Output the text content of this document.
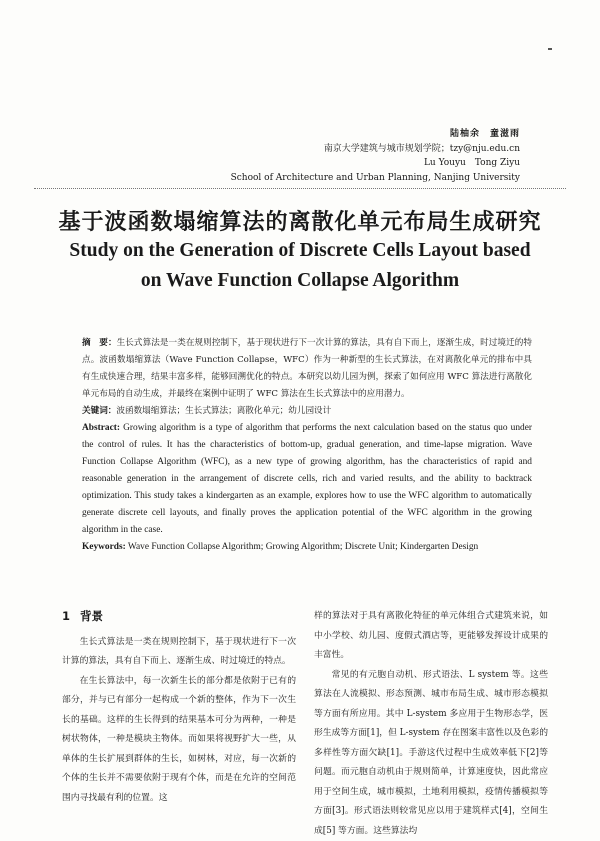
陆柚余　童滋雨
南京大学建筑与城市规划学院；tzy@nju.edu.cn
Lu Youyu　Tong Ziyu
School of Architecture and Urban Planning, Nanjing University
基于波函数塌缩算法的离散化单元布局生成研究
Study on the Generation of Discrete Cells Layout based
on Wave Function Collapse Algorithm

摘　要：生长式算法是一类在规则控制下，基于现状进行下一次计算的算法，具有自下而上，逐渐生成，时过境迁的特点。波函数塌缩算法（Wave Function Collapse，WFC）作为一种新型的生长式算法，在对离散化单元的排布中具有生成快速合理，结果丰富多样，能够回溯优化的特点。本研究以幼儿园为例，探索了如何应用 WFC 算法进行离散化单元布局的自动生成，并最终在案例中证明了 WFC 算法在生长式算法中的应用潜力。

关键词：波函数塌缩算法；生长式算法；离散化单元；幼儿园设计

Abstract: Growing algorithm is a type of algorithm that performs the next calculation based on the status quo under the control of rules. It has the characteristics of bottom-up, gradual generation, and time-lapse migration. Wave Function Collapse Algorithm (WFC), as a new type of growing algorithm, has the characteristics of rapid and reasonable generation in the arrangement of discrete cells, rich and varied results, and the ability to backtrack optimization. This study takes a kindergarten as an example, explores how to use the WFC algorithm to automatically generate discrete cell layouts, and finally proves the application potential of the WFC algorithm in the growing algorithm in the case.

Keywords: Wave Function Collapse Algorithm; Growing Algorithm; Discrete Unit; Kindergarten Design

1 背景

生长式算法是一类在规则控制下，基于现状进行下一次计算的算法，具有自下而上、逐渐生成、时过境迁的特点。

在生长算法中，每一次新生长的部分都是依附于已有的部分，并与已有部分一起构成一个新的整体，作为下一次生长的基础。这样的生长得到的结果基本可分为两种，一种是树状物体，一种是模块主物体。而如果将视野扩大一些，从单体的生长扩展到群体的生长，如树林，对应，每一次新的个体的生长并不需要依附于现有个体，而是在允许的空间范围内寻找最有利的位置。这

样的算法对于具有离散化特征的单元体组合式建筑来说，如中小学校、幼儿园、度假式酒店等，更能够发挥设计成果的丰富性。

常见的有元胞自动机、形式语法、L system 等。这些算法在人流模拟、形态预测、城市布局生成、城市形态模拟等方面有所应用。其中 L-system 多应用于生物形态学，医形生成等方面[1]，但 L-system 存在图案丰富性以及色彩的多样性等方面欠缺[1]。手游这代过程中生成效率低下[2]等问题。而元胞自动机由于规则简单，计算速度快，因此常应用于空间生成，城市模拟，土地利用模拟，疫情传播模拟等方面[3]。形式语法则较常见应以用于建筑样式[4]，空间生成[5] 等方面。这些算法均
